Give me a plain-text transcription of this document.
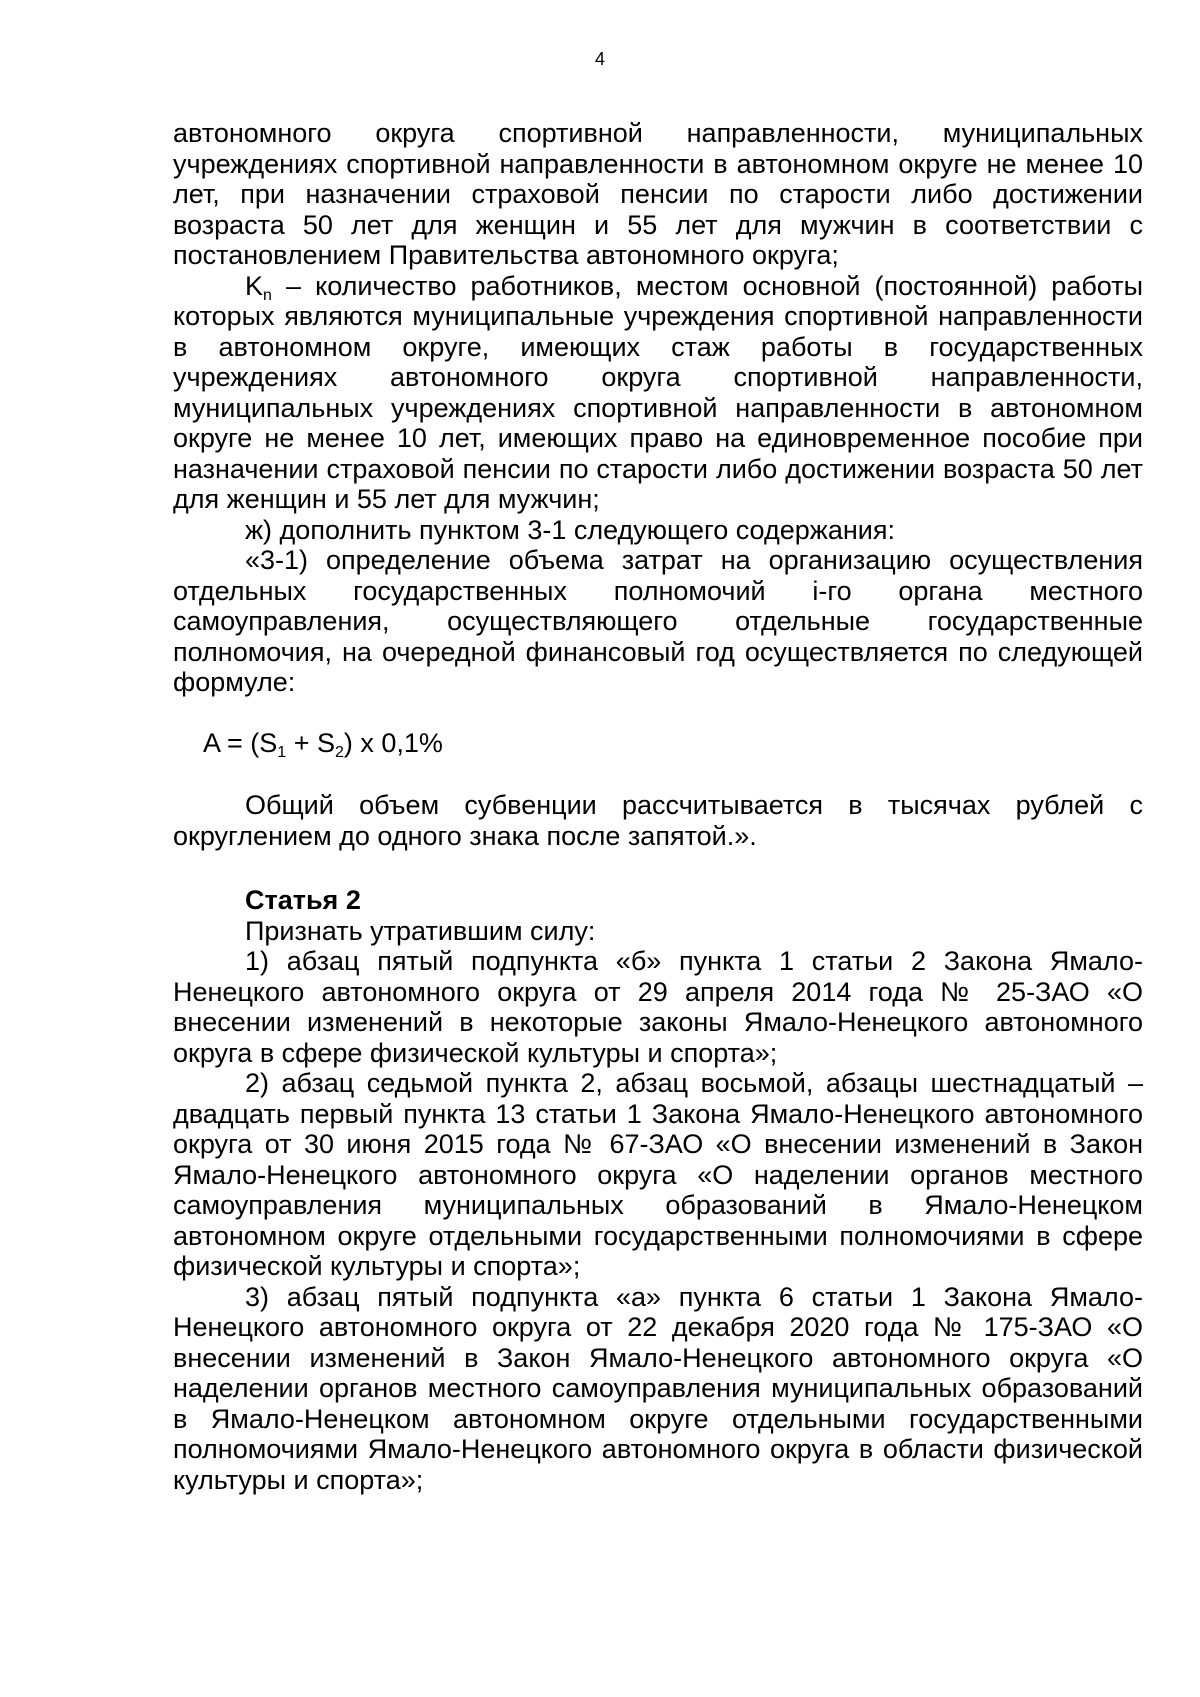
4

автономного округа спортивной направленности, муниципальных учреждениях спортивной направленности в автономном округе не менее 10 лет, при назначении страховой пенсии по старости либо достижении возраста 50 лет для женщин и 55 лет для мужчин в соответствии с постановлением Правительства автономного округа;

$K_n$ – количество работников, местом основной (постоянной) работы которых являются муниципальные учреждения спортивной направленности в автономном округе, имеющих стаж работы в государственных учреждениях автономного округа спортивной направленности, муниципальных учреждениях спортивной направленности в автономном округе не менее 10 лет, имеющих право на единовременное пособие при назначении страховой пенсии по старости либо достижении возраста 50 лет для женщин и 55 лет для мужчин;

ж) дополнить пунктом 3-1 следующего содержания:

«3-1) определение объема затрат на организацию осуществления отдельных государственных полномочий i-го органа местного самоуправления, осуществляющего отдельные государственные полномочия, на очередной финансовый год осуществляется по следующей формуле:

$A = (S_1 + S_2)$ x 0,1%

Общий объем субвенции рассчитывается в тысячах рублей с округлением до одного знака после запятой.».

Статья 2

Признать утратившим силу:

1) абзац пятый подпункта «б» пункта 1 статьи 2 Закона Ямало-Ненецкого автономного округа от 29 апреля 2014 года № 25-ЗАО «О внесении изменений в некоторые законы Ямало-Ненецкого автономного округа в сфере физической культуры и спорта»;

2) абзац седьмой пункта 2, абзац восьмой, абзацы шестнадцатый – двадцать первый пункта 13 статьи 1 Закона Ямало-Ненецкого автономного округа от 30 июня 2015 года № 67-ЗАО «О внесении изменений в Закон Ямало-Ненецкого автономного округа «О наделении органов местного самоуправления муниципальных образований в Ямало-Ненецком автономном округе отдельными государственными полномочиями в сфере физической культуры и спорта»;

3) абзац пятый подпункта «а» пункта 6 статьи 1 Закона Ямало-Ненецкого автономного округа от 22 декабря 2020 года № 175-ЗАО «О внесении изменений в Закон Ямало-Ненецкого автономного округа «О наделении органов местного самоуправления муниципальных образований в Ямало-Ненецком автономном округе отдельными государственными полномочиями Ямало-Ненецкого автономного округа в области физической культуры и спорта»;
